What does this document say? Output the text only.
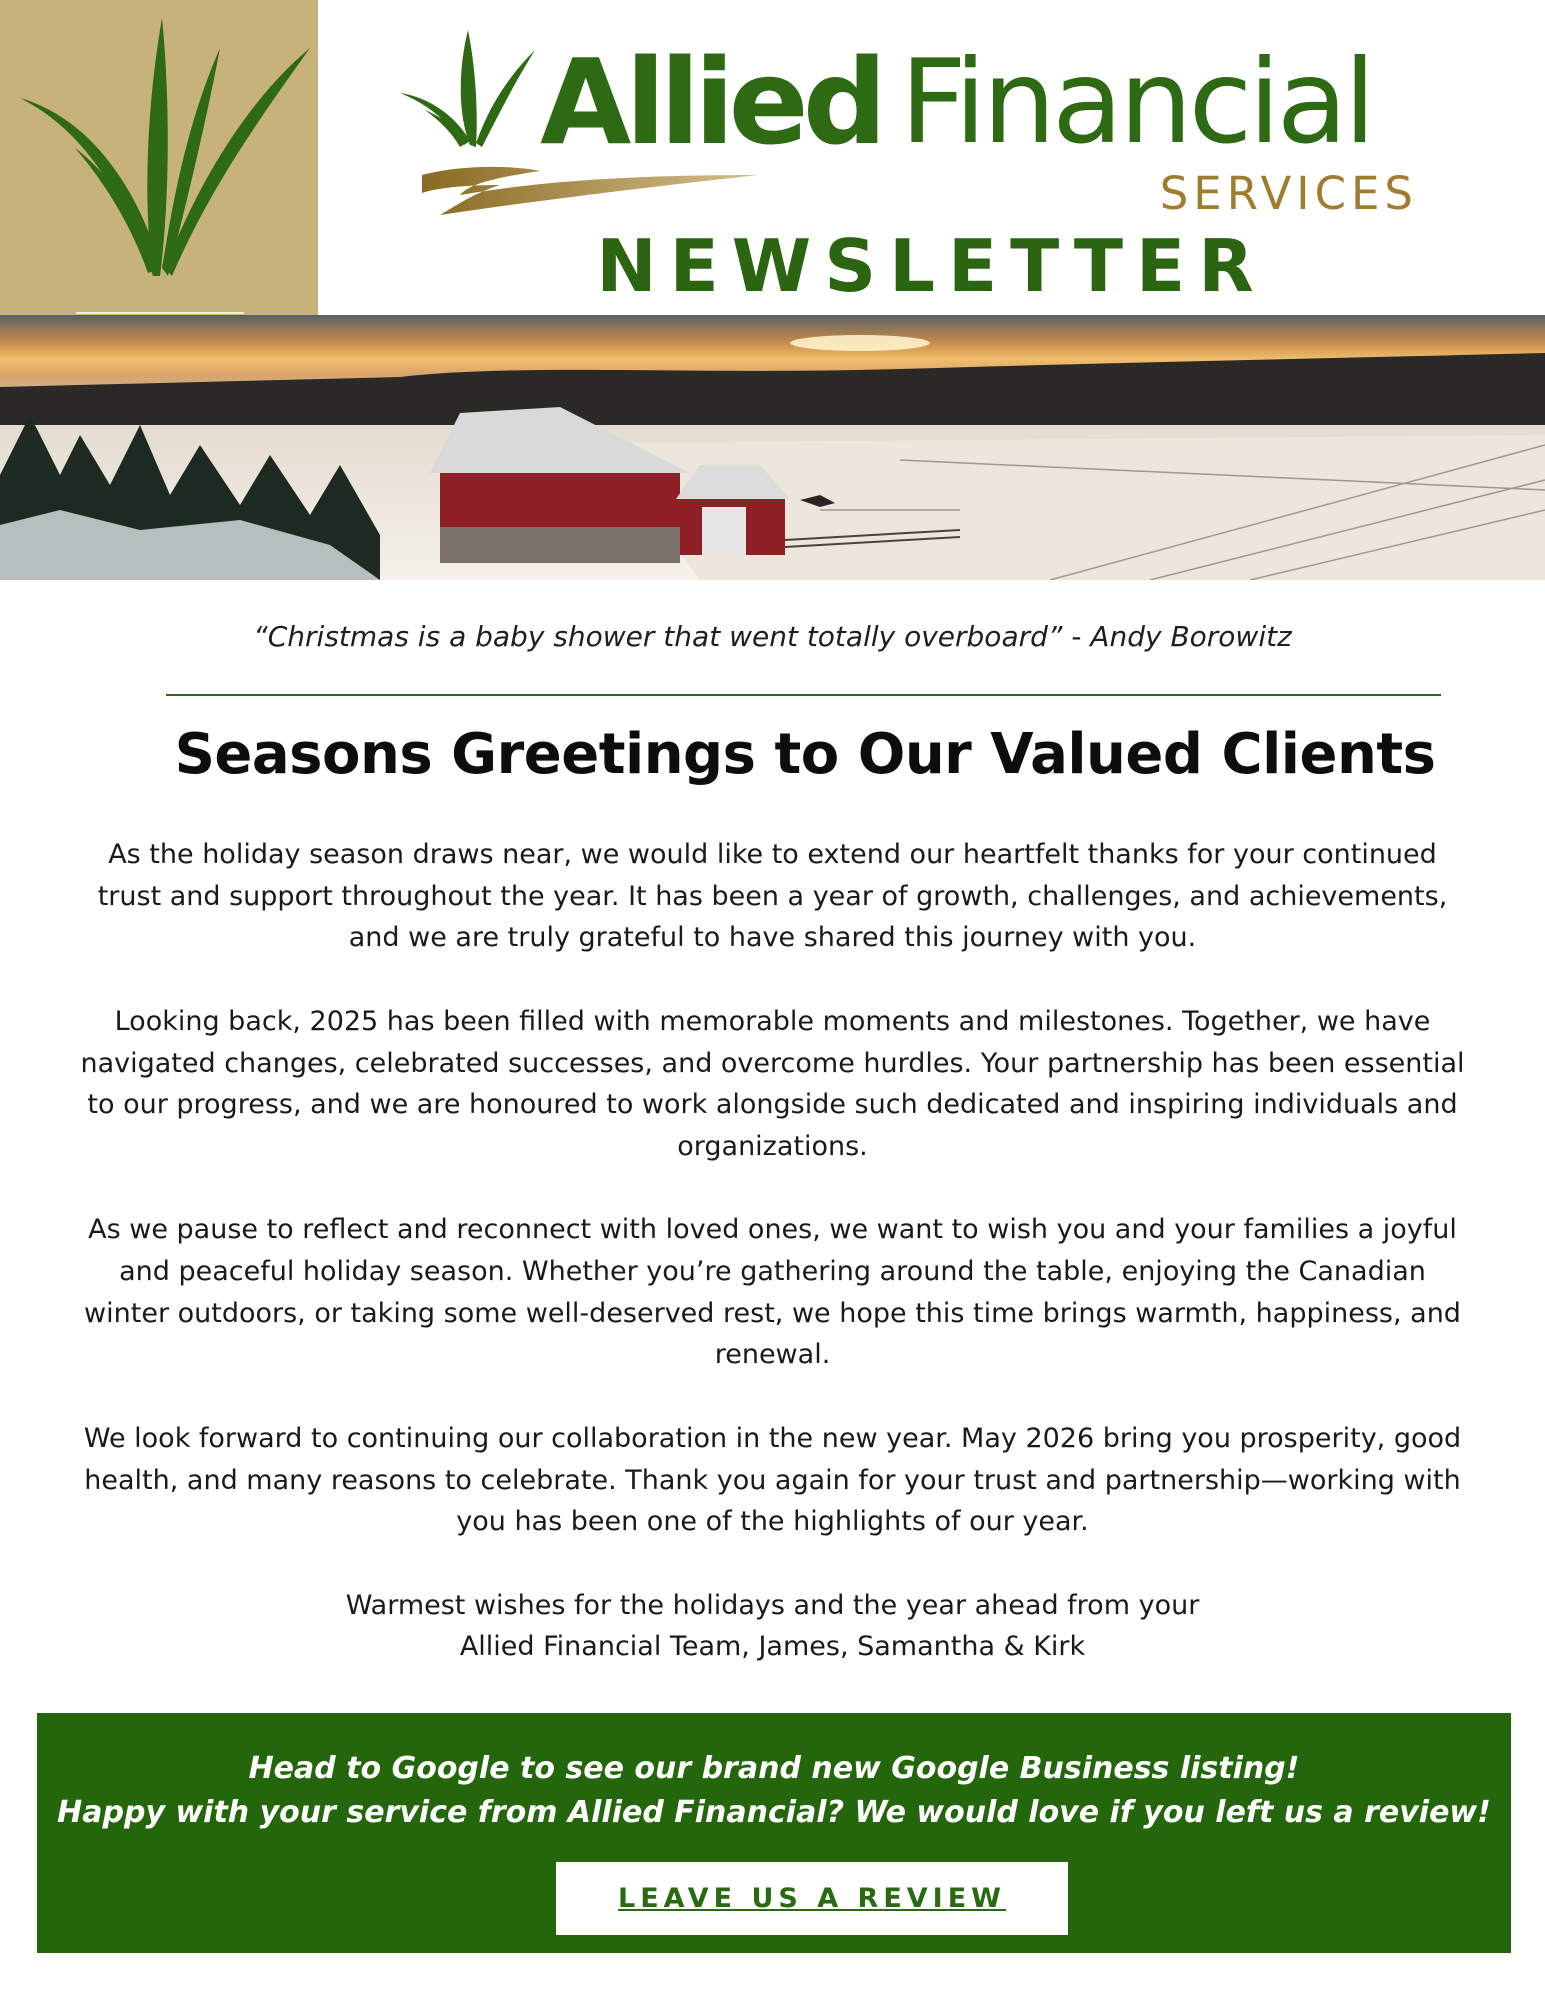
Allied Financial
SERVICES
NEWSLETTER
“Christmas is a baby shower that went totally overboard” - Andy Borowitz
Seasons Greetings to Our Valued Clients

As the holiday season draws near, we would like to extend our heartfelt thanks for your continued trust and support throughout the year. It has been a year of growth, challenges, and achievements, and we are truly grateful to have shared this journey with you.

Looking back, 2025 has been filled with memorable moments and milestones. Together, we have navigated changes, celebrated successes, and overcome hurdles. Your partnership has been essential to our progress, and we are honoured to work alongside such dedicated and inspiring individuals and organizations.

As we pause to reflect and reconnect with loved ones, we want to wish you and your families a joyful and peaceful holiday season. Whether you’re gathering around the table, enjoying the Canadian winter outdoors, or taking some well-deserved rest, we hope this time brings warmth, happiness, and renewal.

We look forward to continuing our collaboration in the new year. May 2026 bring you prosperity, good health, and many reasons to celebrate. Thank you again for your trust and partnership—working with you has been one of the highlights of our year.

Warmest wishes for the holidays and the year ahead from your
Allied Financial Team, James, Samantha & Kirk

Head to Google to see our brand new Google Business listing!
Happy with your service from Allied Financial? We would love if you left us a review!
LEAVE US A REVIEW
